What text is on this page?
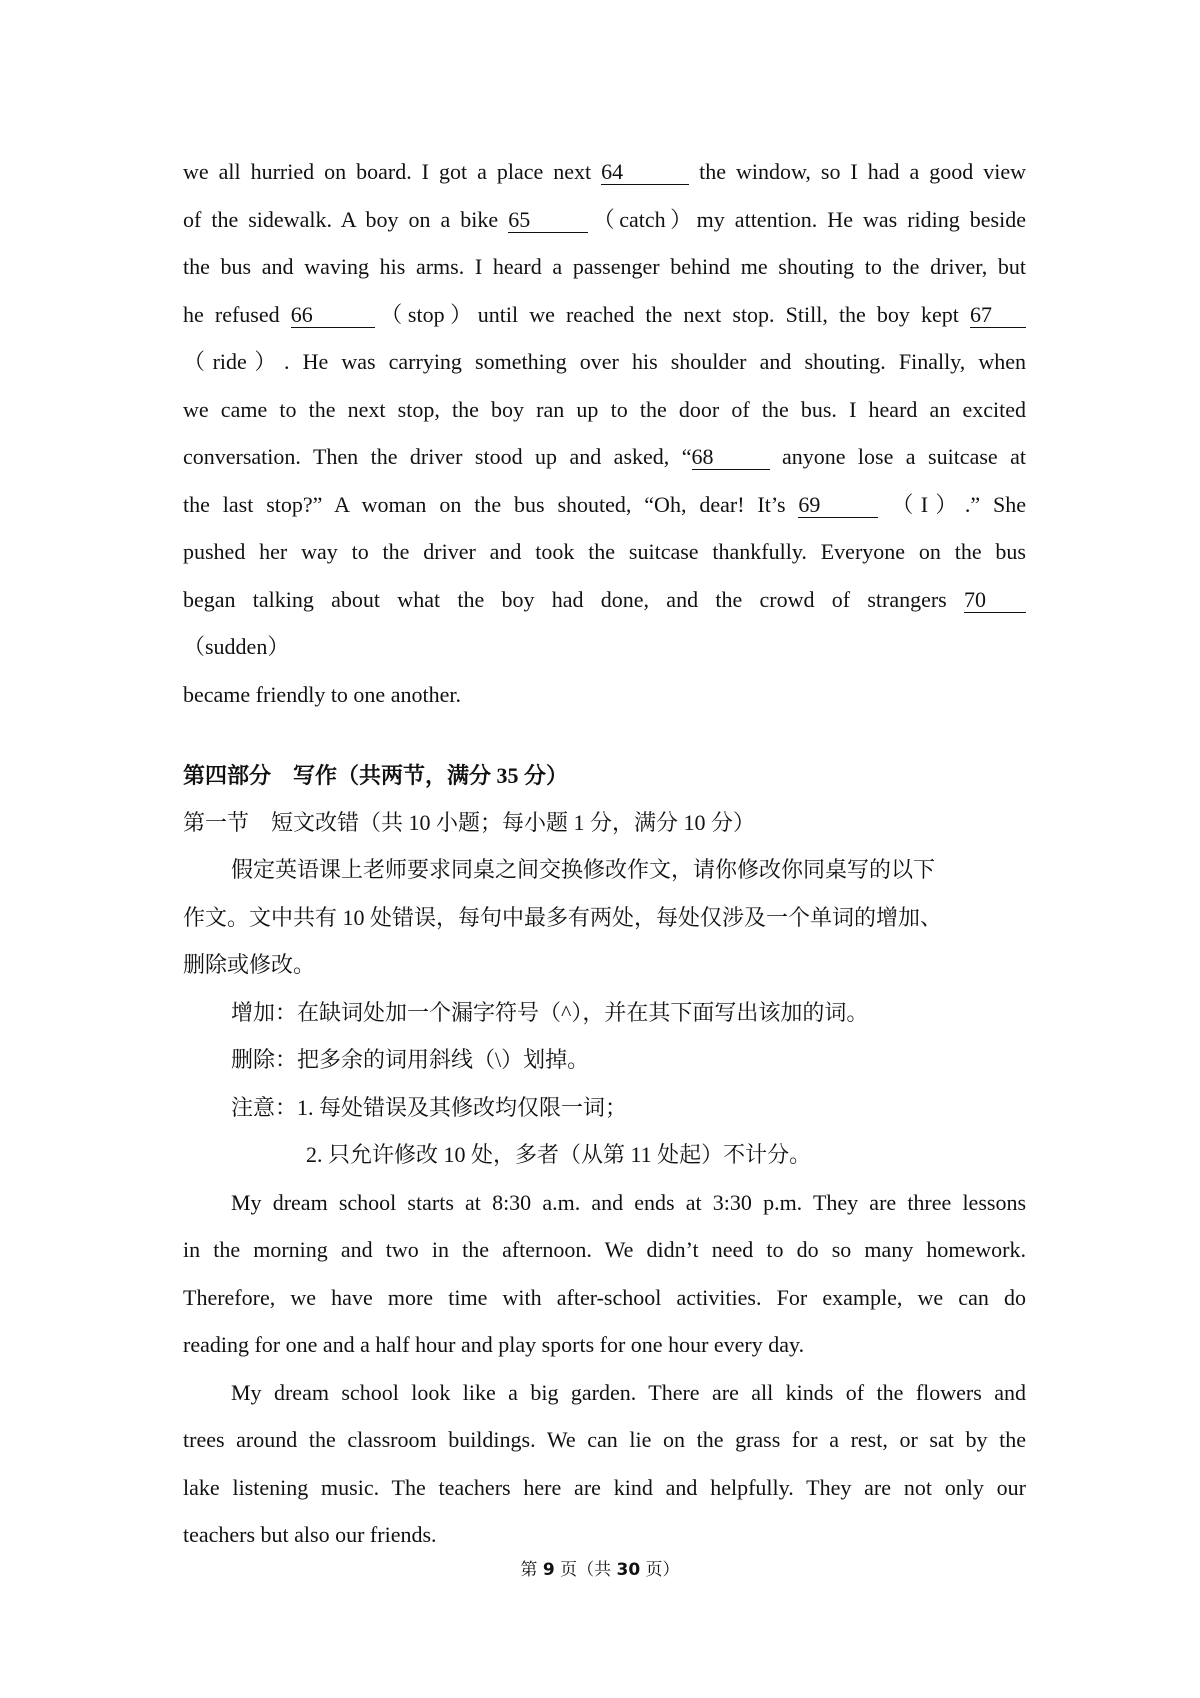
we all hurried on board. I got a place next 64	the window, so I had a good view
of the sidewalk. A boy on a bike 65	（catch）my attention. He was riding beside
the bus and waving his arms. I heard a passenger behind me shouting to the driver, but
he refused 66	（stop）until we reached the next stop. Still, the boy kept 67
（ride）. He was carrying something over his shoulder and shouting. Finally, when
we came to the next stop, the boy ran up to the door of the bus. I heard an excited
conversation. Then the driver stood up and asked, “68	anyone lose a suitcase at
the last stop?” A woman on the bus shouted, “Oh, dear! It’s 69	（I）.” She
pushed her way to the driver and took the suitcase thankfully. Everyone on the bus
began talking about what the boy had done, and the crowd of strangers 70
（sudden）
became friendly to one another.
第四部分　写作（共两节，满分 35 分）
第一节　短文改错（共 10 小题；每小题 1 分，满分 10 分）
假定英语课上老师要求同桌之间交换修改作文，请你修改你同桌写的以下
作文。文中共有 10 处错误，每句中最多有两处，每处仅涉及一个单词的增加、
删除或修改。
增加：在缺词处加一个漏字符号（^），并在其下面写出该加的词。
删除：把多余的词用斜线（\）划掉。
注意：1. 每处错误及其修改均仅限一词；
2. 只允许修改 10 处，多者（从第 11 处起）不计分。
My dream school starts at 8:30 a.m. and ends at 3:30 p.m. They are three lessons
in the morning and two in the afternoon. We didn’t need to do so many homework.
Therefore, we have more time with after-school activities. For example, we can do
reading for one and a half hour and play sports for one hour every day.
My dream school look like a big garden. There are all kinds of the flowers and
trees around the classroom buildings. We can lie on the grass for a rest, or sat by the
lake listening music. The teachers here are kind and helpfully. They are not only our
teachers but also our friends.
第 9 页（共 30 页）
